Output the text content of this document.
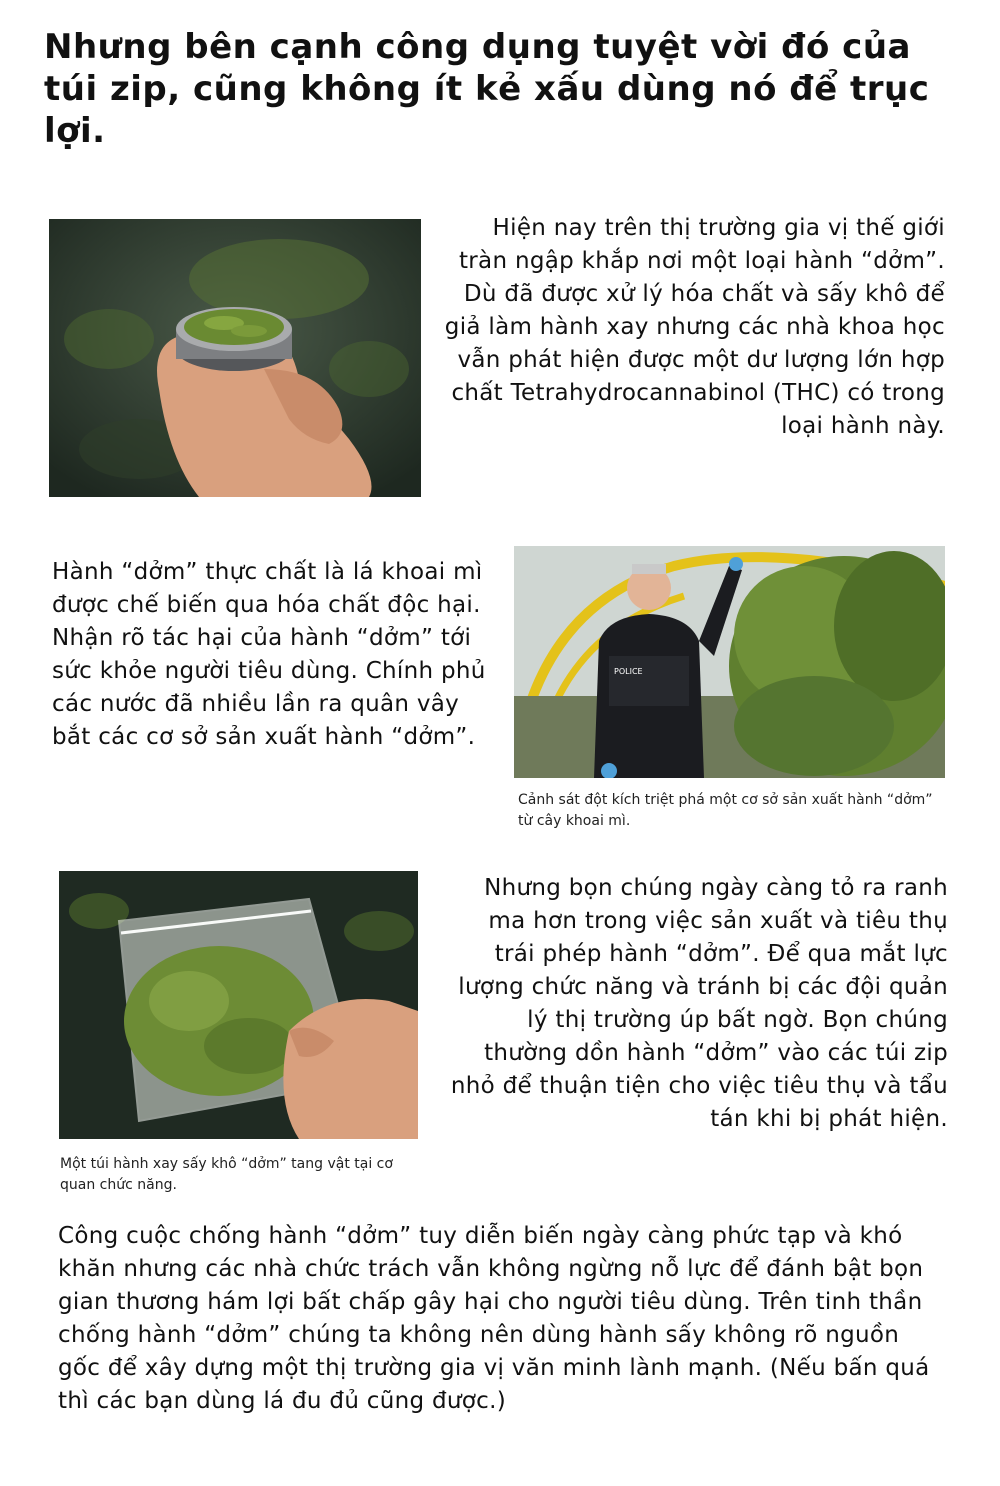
Nhưng bên cạnh công dụng tuyệt vời đó của túi zip, cũng không ít kẻ xấu dùng nó để trục lợi.

Hiện nay trên thị trường gia vị thế giới tràn ngập khắp nơi một loại hành “dởm”. Dù đã được xử lý hóa chất và sấy khô để giả làm hành xay nhưng các nhà khoa học vẫn phát hiện được một dư lượng lớn hợp chất Tetrahydrocannabinol (THC) có trong loại hành này.

Hành “dởm” thực chất là lá khoai mì được chế biến qua hóa chất độc hại. Nhận rõ tác hại của hành “dởm” tới sức khỏe người tiêu dùng. Chính phủ các nước đã nhiều lần ra quân vây bắt các cơ sở sản xuất hành “dởm”.

POLICE

Cảnh sát đột kích triệt phá một cơ sở sản xuất hành “dởm” từ cây khoai mì.

Nhưng bọn chúng ngày càng tỏ ra ranh ma hơn trong việc sản xuất và tiêu thụ trái phép hành “dởm”. Để qua mắt lực lượng chức năng và tránh bị các đội quản lý thị trường úp bất ngờ. Bọn chúng thường dồn hành “dởm” vào các túi zip nhỏ để thuận tiện cho việc tiêu thụ và tẩu tán khi bị phát hiện.

Một túi hành xay sấy khô “dởm” tang vật tại cơ quan chức năng.

Công cuộc chống hành “dởm” tuy diễn biến ngày càng phức tạp và khó khăn nhưng các nhà chức trách vẫn không ngừng nỗ lực để đánh bật bọn gian thương hám lợi bất chấp gây hại cho người tiêu dùng. Trên tinh thần chống hành “dởm” chúng ta không nên dùng hành sấy không rõ nguồn gốc để xây dựng một thị trường gia vị văn minh lành mạnh. (Nếu bấn quá thì các bạn dùng lá đu đủ cũng được.)
